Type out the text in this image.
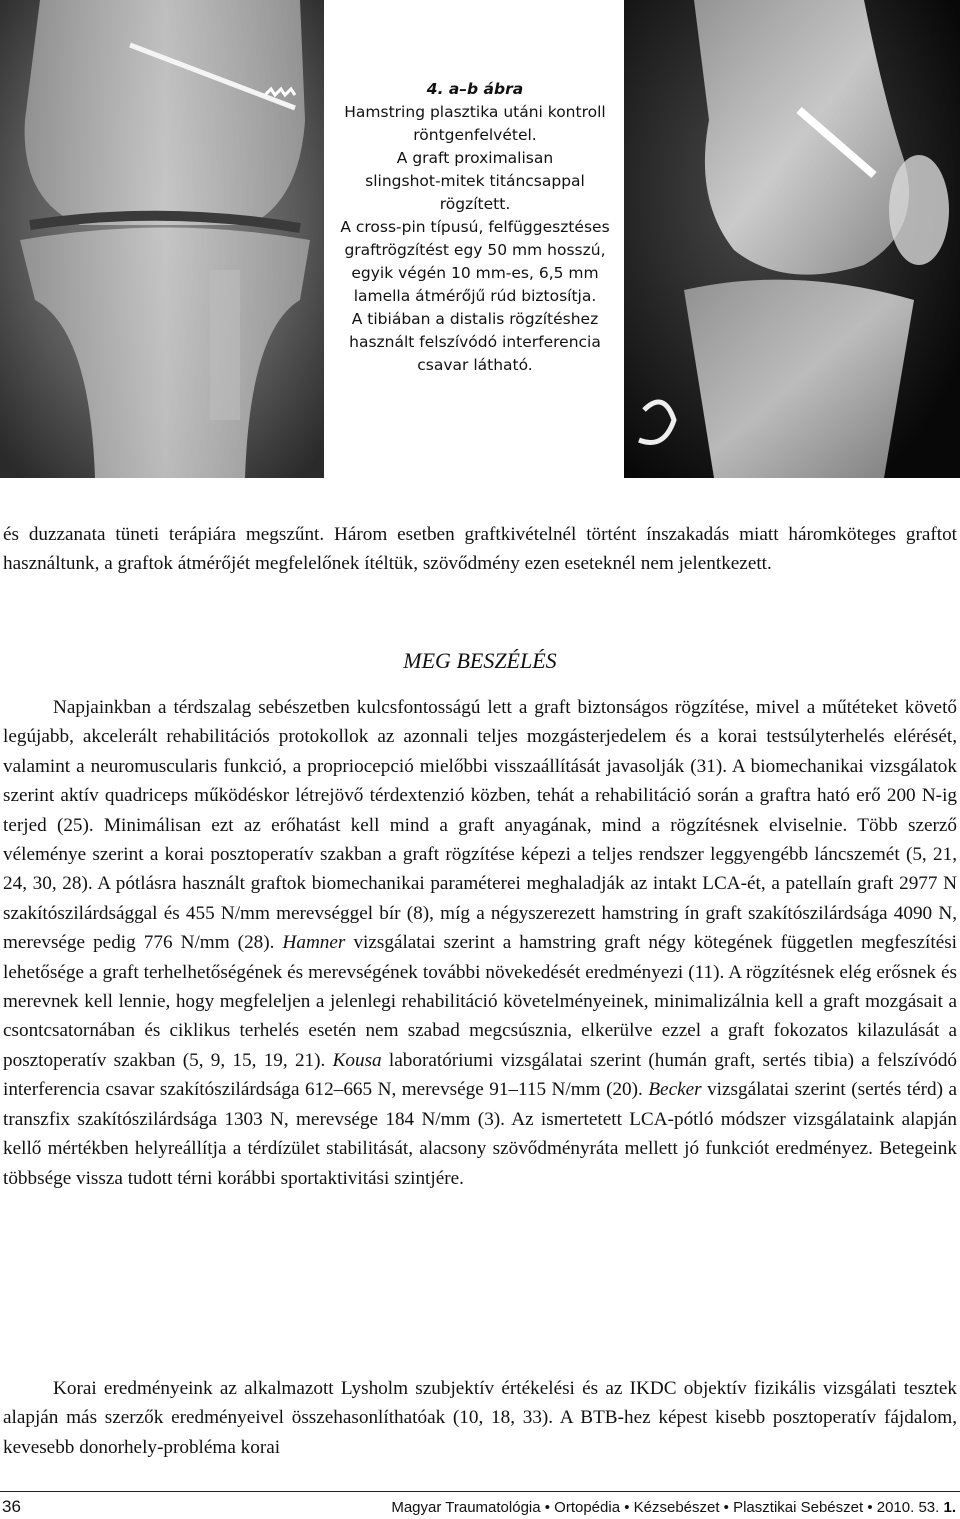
4. a–b ábra
Hamstring plasztika utáni kontroll
röntgenfelvétel.
A graft proximalisan
slingshot-mitek titáncsappal
rögzített.
A cross-pin típusú, felfüggesztéses
graftrögzítést egy 50 mm hosszú,
egyik végén 10 mm-es, 6,5 mm
lamella átmérőjű rúd biztosítja.
A tibiában a distalis rögzítéshez
használt felszívódó interferencia
csavar látható.

és duzzanata tüneti terápiára megszűnt. Három esetben graftkivételnél történt ínszakadás miatt háromköteges graftot használtunk, a graftok átmérőjét megfelelőnek ítéltük, szövődmény ezen eseteknél nem jelentkezett.

MEG BESZÉLÉS

Napjainkban a térdszalag sebészetben kulcsfontosságú lett a graft biztonságos rögzítése, mivel a műtéteket követő legújabb, akcelerált rehabilitációs protokollok az azonnali teljes mozgásterjedelem és a korai testsúlyterhelés elérését, valamint a neuromuscularis funkció, a propriocepció mielőbbi visszaállítását javasolják (31). A biomechanikai vizsgálatok szerint aktív quadriceps működéskor létrejövő térdextenzió közben, tehát a rehabilitáció során a graftra ható erő 200 N-ig terjed (25). Minimálisan ezt az erőhatást kell mind a graft anyagának, mind a rögzítésnek elviselnie. Több szerző véleménye szerint a korai posztoperatív szakban a graft rögzítése képezi a teljes rendszer leggyengébb láncszemét (5, 21, 24, 30, 28). A pótlásra használt graftok biomechanikai paraméterei meghaladják az intakt LCA-ét, a patellaín graft 2977 N szakítószilárdsággal és 455 N/mm merevséggel bír (8), míg a négyszerezett hamstring ín graft szakítószilárdsága 4090 N, merevsége pedig 776 N/mm (28). Hamner vizsgálatai szerint a hamstring graft négy kötegének független megfeszítési lehetősége a graft terhelhetőségének és merevségének további növekedését eredményezi (11). A rögzítésnek elég erősnek és merevnek kell lennie, hogy megfeleljen a jelenlegi rehabilitáció követelményeinek, minimalizálnia kell a graft mozgásait a csontcsatornában és ciklikus terhelés esetén nem szabad megcsúsznia, elkerülve ezzel a graft fokozatos kilazulását a posztoperatív szakban (5, 9, 15, 19, 21). Kousa laboratóriumi vizsgálatai szerint (humán graft, sertés tibia) a felszívódó interferencia csavar szakítószilárdsága 612–665 N, merevsége 91–115 N/mm (20). Becker vizsgálatai szerint (sertés térd) a transzfix szakítószilárdsága 1303 N, merevsége 184 N/mm (3). Az ismertetett LCA-pótló módszer vizsgálataink alapján kellő mértékben helyreállítja a térdízület stabilitását, alacsony szövődményráta mellett jó funkciót eredményez. Betegeink többsége vissza tudott térni korábbi sportaktivitási szintjére.

Korai eredményeink az alkalmazott Lysholm szubjektív értékelési és az IKDC objektív fizikális vizsgálati tesztek alapján más szerzők eredményeivel összehasonlíthatóak (10, 18, 33). A BTB-hez képest kisebb posztoperatív fájdalom, kevesebb donorhely-probléma korai

36	Magyar Traumatológia • Ortopédia • Kézsebészet • Plasztikai Sebészet • 2010. 53. 1.
